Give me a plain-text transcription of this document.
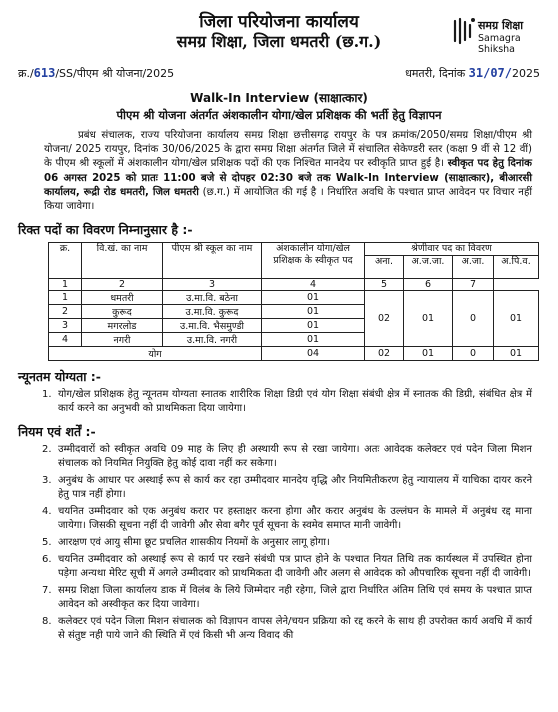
जिला परियोजना कार्यालय
समग्र शिक्षा, जिला धमतरी (छ.ग.)
समग्र शिक्षा
Samagra Shiksha
क्र./613/SS/पीएम श्री योजना/2025	धमतरी, दिनांक 31/07/2025
Walk-In Interview (साक्षात्कार)
पीएम श्री योजना अंतर्गत अंशकालीन योगा/खेल प्रशिक्षक की भर्ती हेतु विज्ञापन
प्रबंध संचालक, राज्य परियोजना कार्यालय समग्र शिक्षा छत्तीसगढ़ रायपुर के पत्र क्रमांक/2050/समग्र शिक्षा/पीएम श्री योजना/ 2025 रायपुर, दिनांक 30/06/2025 के द्वारा समग्र शिक्षा अंतर्गत जिले में संचालित सेकेण्डरी स्तर (कक्षा 9 वीं से 12 वीं) के पीएम श्री स्कूलों में अंशकालीन योगा/खेल प्रशिक्षक पदों की एक निश्चित मानदेय पर स्वीकृति प्राप्त हुई है। स्वीकृत पद हेतु दिनांक 06 अगस्त 2025 को प्रातः 11:00 बजे से दोपहर 02:30 बजे तक Walk-In Interview (साक्षात्कार), बीआरसी कार्यालय, रूद्री रोड धमतरी, जिल धमतरी (छ.ग.) में आयोजित की गई है । निर्धारित अवधि के पश्चात प्राप्त आवेदन पर विचार नहीं किया जावेगा।
रिक्त पदों का विवरण निम्नानुसार है :-
क्र.	वि.खं. का नाम	पीएम श्री स्कूल का नाम	अंशकालीन योगा/खेल प्रशिक्षक के स्वीकृत पद	श्रेणीवार पद का विवरण			
				अना.	अ.ज.जा.	अ.जा.	अ.पि.व.
1	2	3	4	5	6	7	
1	धमतरी	उ.मा.वि. बठेना	01	02	01	0	01
2	कुरूद	उ.मा.वि. कुरूद	01				
3	मगरलोड	उ.मा.वि. भैसमुण्डी	01				
4	नगरी	उ.मा.वि. नगरी	01				
योग			04	02	01	0	01
न्यूनतम योग्यता :-
1. योग/खेल प्रशिक्षक हेतु न्यूनतम योग्यता स्नातक शारीरिक शिक्षा डिग्री एवं योग शिक्षा संबंधी क्षेत्र में स्नातक की डिग्री, संबंधित क्षेत्र में कार्य करने का अनुभवी को प्राथमिकता दिया जायेगा।
नियम एवं शर्तें :-
2. उम्मीदवारों को स्वीकृत अवधि 09 माह के लिए ही अस्थायी रूप से रखा जायेगा। अतः आवेदक कलेक्टर एवं पदेन जिला मिशन संचालक को नियमित नियुक्ति हेतु कोई दावा नहीं कर सकेगा।
3. अनुबंध के आधार पर अस्थाई रूप से कार्य कर रहा उम्मीदवार मानदेय वृद्धि और नियमितीकरण हेतु न्यायालय में याचिका दायर करने हेतु पात्र नहीं होगा।
4. चयनित उम्मीदवार को एक अनुबंध करार पर हस्ताक्षर करना होगा और करार अनुबंध के उल्लंघन के मामले में अनुबंध रद्द माना जायेगा। जिसकी सूचना नहीं दी जावेगी और सेवा बगैर पूर्व सूचना के स्वमेव समाप्त मानी जावेगी।
5. आरक्षण एवं आयु सीमा छूट प्रचलित शासकीय नियमों के अनुसार लागू होगा।
6. चयनित उम्मीदवार को अस्थाई रूप से कार्य पर रखने संबंधी पत्र प्राप्त होने के पश्चात नियत तिथि तक कार्यस्थल में उपस्थित होना पड़ेगा अन्यथा मेरिट सूची में अगले उम्मीदवार को प्राथमिकता दी जावेगी और अलग से आवेदक को औपचारिक सूचना नहीं दी जावेगी।
7. समग्र शिक्षा जिला कार्यालय डाक में विलंब के लिये जिम्मेदार नही रहेगा, जिले द्वारा निर्धारित अंतिम तिथि एवं समय के पश्चात प्राप्त आवेदन को अस्वीकृत कर दिया जावेगा।
8. कलेक्टर एवं पदेन जिला मिशन संचालक को विज्ञापन वापस लेने/चयन प्रक्रिया को रद्द करने के साथ ही उपरोक्त कार्य अवधि में कार्य से संतुष्ट नही पाये जाने की स्थिति में एवं किसी भी अन्य विवाद की
